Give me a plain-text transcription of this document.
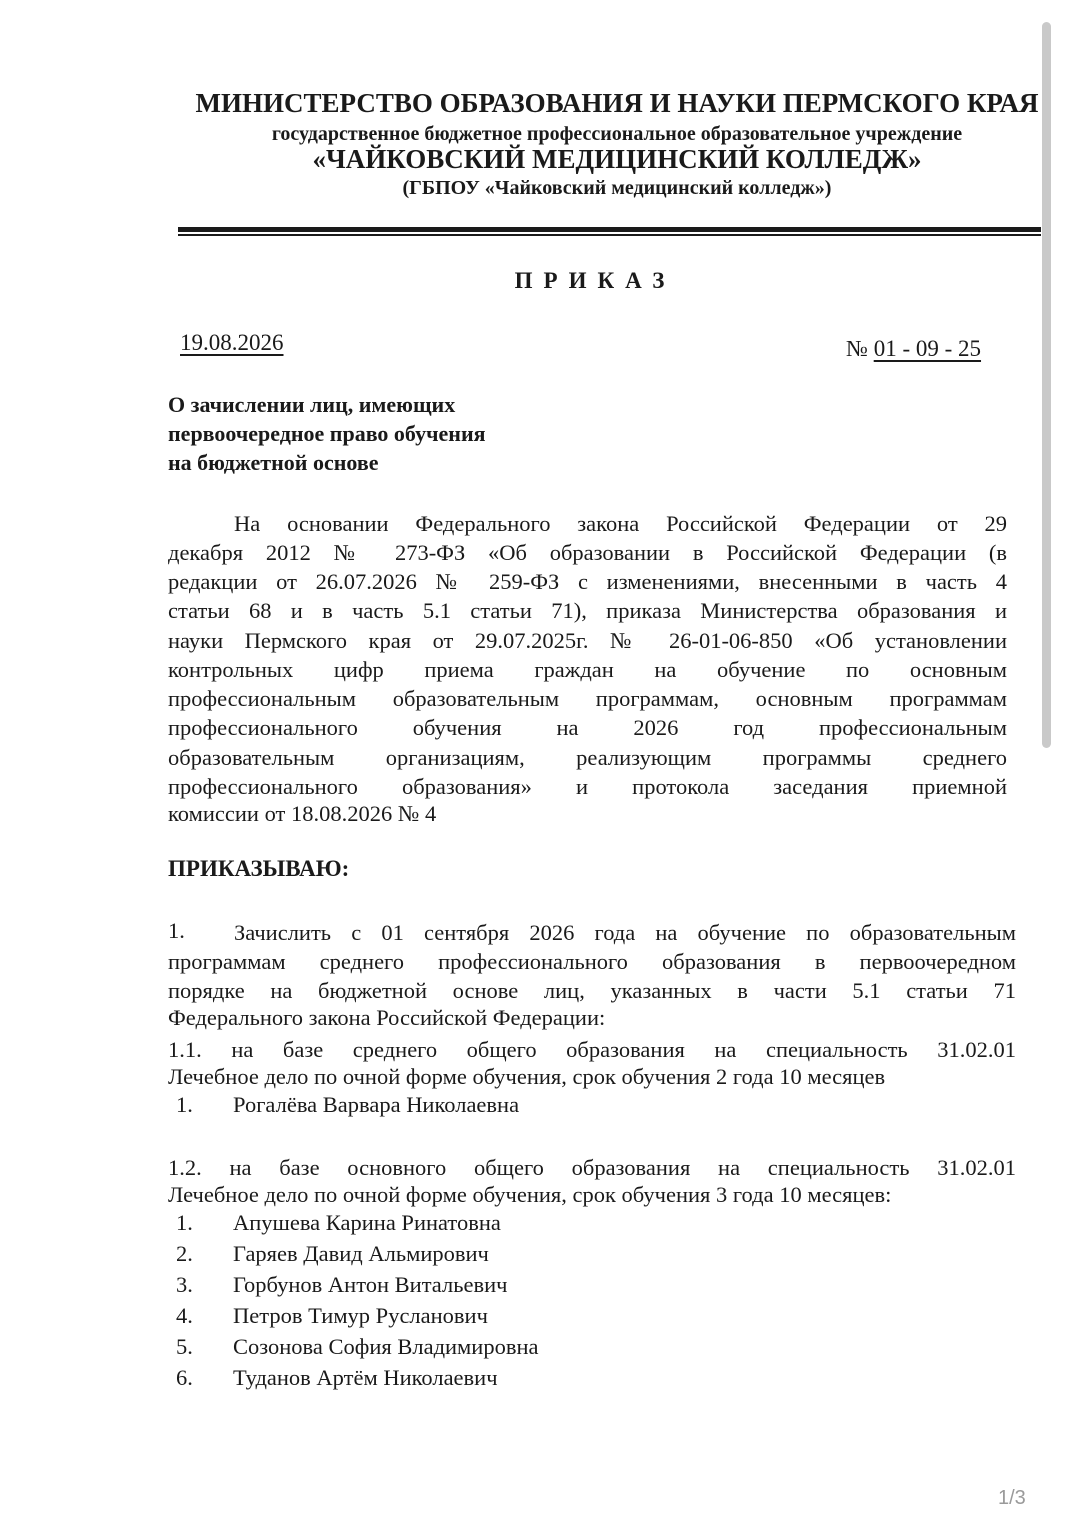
МИНИСТЕРСТВО ОБРАЗОВАНИЯ И НАУКИ ПЕРМСКОГО КРАЯ
государственное бюджетное профессиональное образовательное учреждение
«ЧАЙКОВСКИЙ МЕДИЦИНСКИЙ КОЛЛЕДЖ»
(ГБПОУ «Чайковский медицинский колледж»)
ПРИКАЗ
19.08.2026	№ 01 - 09 - 25
О зачислении лиц, имеющих
первоочередное право обучения
на бюджетной основе
На основании Федерального закона Российской Федерации от 29
декабря 2012 № 273-ФЗ «Об образовании в Российской Федерации (в
редакции от 26.07.2026 № 259-ФЗ с изменениями, внесенными в часть 4
статьи 68 и в часть 5.1 статьи 71), приказа Министерства образования и
науки Пермского края от 29.07.2025г. № 26-01-06-850 «Об установлении
контрольных цифр приема граждан на обучение по основным
профессиональным образовательным программам, основным программам
профессионального обучения на 2026 год профессиональным
образовательным организациям, реализующим программы среднего
профессионального образования» и протокола заседания приемной
комиссии от 18.08.2026 № 4
ПРИКАЗЫВАЮ:
1. Зачислить с 01 сентября 2026 года на обучение по образовательным
программам среднего профессионального образования в первоочередном
порядке на бюджетной основе лиц, указанных в части 5.1 статьи 71
Федерального закона Российской Федерации:
1.1. на базе среднего общего образования на специальность 31.02.01
Лечебное дело по очной форме обучения, срок обучения 2 года 10 месяцев
1. Рогалёва Варвара Николаевна
1.2. на базе основного общего образования на специальность 31.02.01
Лечебное дело по очной форме обучения, срок обучения 3 года 10 месяцев:
1. Апушева Карина Ринатовна
2. Гаряев Давид Альмирович
3. Горбунов Антон Витальевич
4. Петров Тимур Русланович
5. Созонова София Владимировна
6. Туданов Артём Николаевич
1/3
